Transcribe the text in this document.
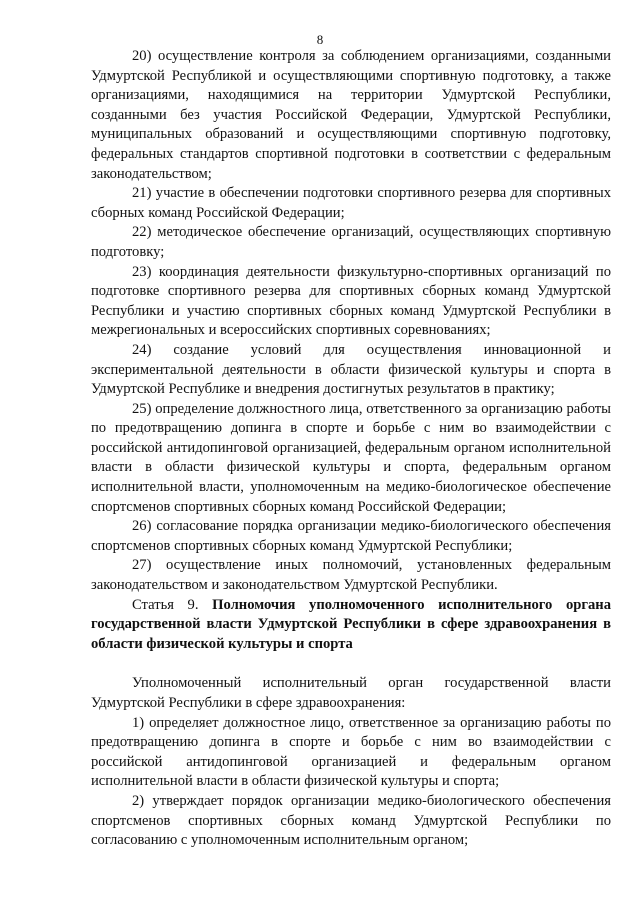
8

20) осуществление контроля за соблюдением организациями, созданными Удмуртской Республикой и осуществляющими спортивную подготовку, а также организациями, находящимися на территории Удмуртской Республики, созданными без участия Российской Федерации, Удмуртской Республики, муниципальных образований и осуществляющими спортивную подготовку, федеральных стандартов спортивной подготовки в соответствии с федеральным законодательством;

21) участие в обеспечении подготовки спортивного резерва для спортивных сборных команд Российской Федерации;

22) методическое обеспечение организаций, осуществляющих спортивную подготовку;

23) координация деятельности физкультурно-спортивных организаций по подготовке спортивного резерва для спортивных сборных команд Удмуртской Республики и участию спортивных сборных команд Удмуртской Республики в межрегиональных и всероссийских спортивных соревнованиях;

24) создание условий для осуществления инновационной и экспериментальной деятельности в области физической культуры и спорта в Удмуртской Республике и внедрения достигнутых результатов в практику;

25) определение должностного лица, ответственного за организацию работы по предотвращению допинга в спорте и борьбе с ним во взаимодействии с российской антидопинговой организацией, федеральным органом исполнительной власти в области физической культуры и спорта, федеральным органом исполнительной власти, уполномоченным на медико-биологическое обеспечение спортсменов спортивных сборных команд Российской Федерации;

26) согласование порядка организации медико-биологического обеспечения спортсменов спортивных сборных команд Удмуртской Республики;

27) осуществление иных полномочий, установленных федеральным законодательством и законодательством Удмуртской Республики.

Статья 9. Полномочия уполномоченного исполнительного органа государственной власти Удмуртской Республики в сфере здравоохранения в области физической культуры и спорта

Уполномоченный исполнительный орган государственной власти Удмуртской Республики в сфере здравоохранения:

1) определяет должностное лицо, ответственное за организацию работы по предотвращению допинга в спорте и борьбе с ним во взаимодействии с российской антидопинговой организацией и федеральным органом исполнительной власти в области физической культуры и спорта;

2) утверждает порядок организации медико-биологического обеспечения спортсменов спортивных сборных команд Удмуртской Республики по согласованию с уполномоченным исполнительным органом;
